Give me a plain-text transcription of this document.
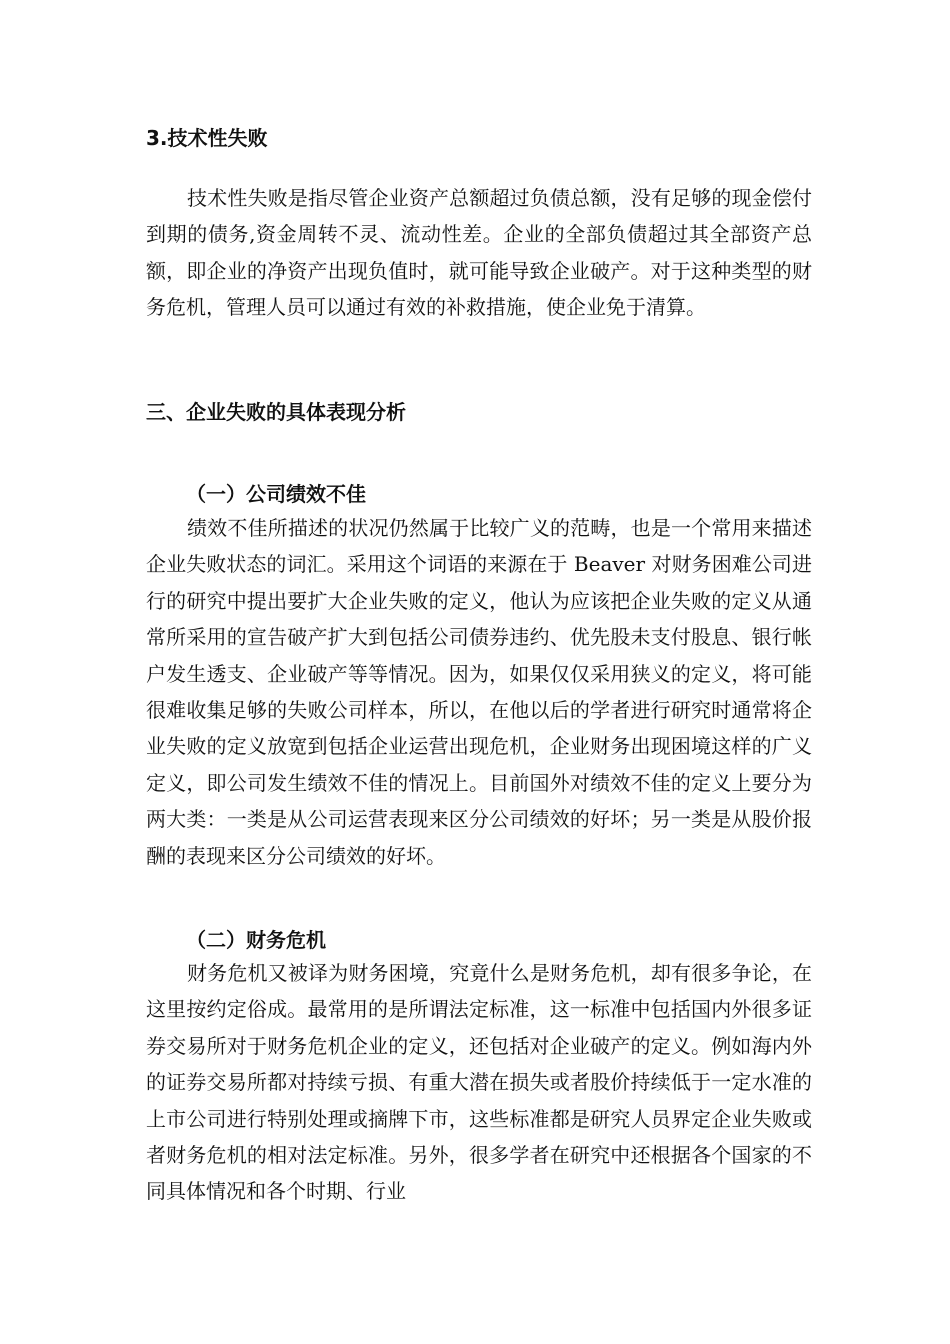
3.技术性失败

技术性失败是指尽管企业资产总额超过负债总额，没有足够的现金偿付到期的债务,资金周转不灵、流动性差。企业的全部负债超过其全部资产总额，即企业的净资产出现负值时，就可能导致企业破产。对于这种类型的财务危机，管理人员可以通过有效的补救措施，使企业免于清算。

三、企业失败的具体表现分析
（一）公司绩效不佳

绩效不佳所描述的状况仍然属于比较广义的范畴，也是一个常用来描述企业失败状态的词汇。采用这个词语的来源在于 Beaver 对财务困难公司进行的研究中提出要扩大企业失败的定义，他认为应该把企业失败的定义从通常所采用的宣告破产扩大到包括公司债券违约、优先股未支付股息、银行帐户发生透支、企业破产等等情况。因为，如果仅仅采用狭义的定义，将可能很难收集足够的失败公司样本，所以，在他以后的学者进行研究时通常将企业失败的定义放宽到包括企业运营出现危机，企业财务出现困境这样的广义定义，即公司发生绩效不佳的情况上。目前国外对绩效不佳的定义上要分为两大类：一类是从公司运营表现来区分公司绩效的好坏；另一类是从股价报酬的表现来区分公司绩效的好坏。

（二）财务危机

财务危机又被译为财务困境，究竟什么是财务危机，却有很多争论，在这里按约定俗成。最常用的是所谓法定标准，这一标准中包括国内外很多证券交易所对于财务危机企业的定义，还包括对企业破产的定义。例如海内外的证券交易所都对持续亏损、有重大潜在损失或者股价持续低于一定水准的上市公司进行特别处理或摘牌下市，这些标准都是研究人员界定企业失败或者财务危机的相对法定标准。另外，很多学者在研究中还根据各个国家的不同具体情况和各个时期、行业
